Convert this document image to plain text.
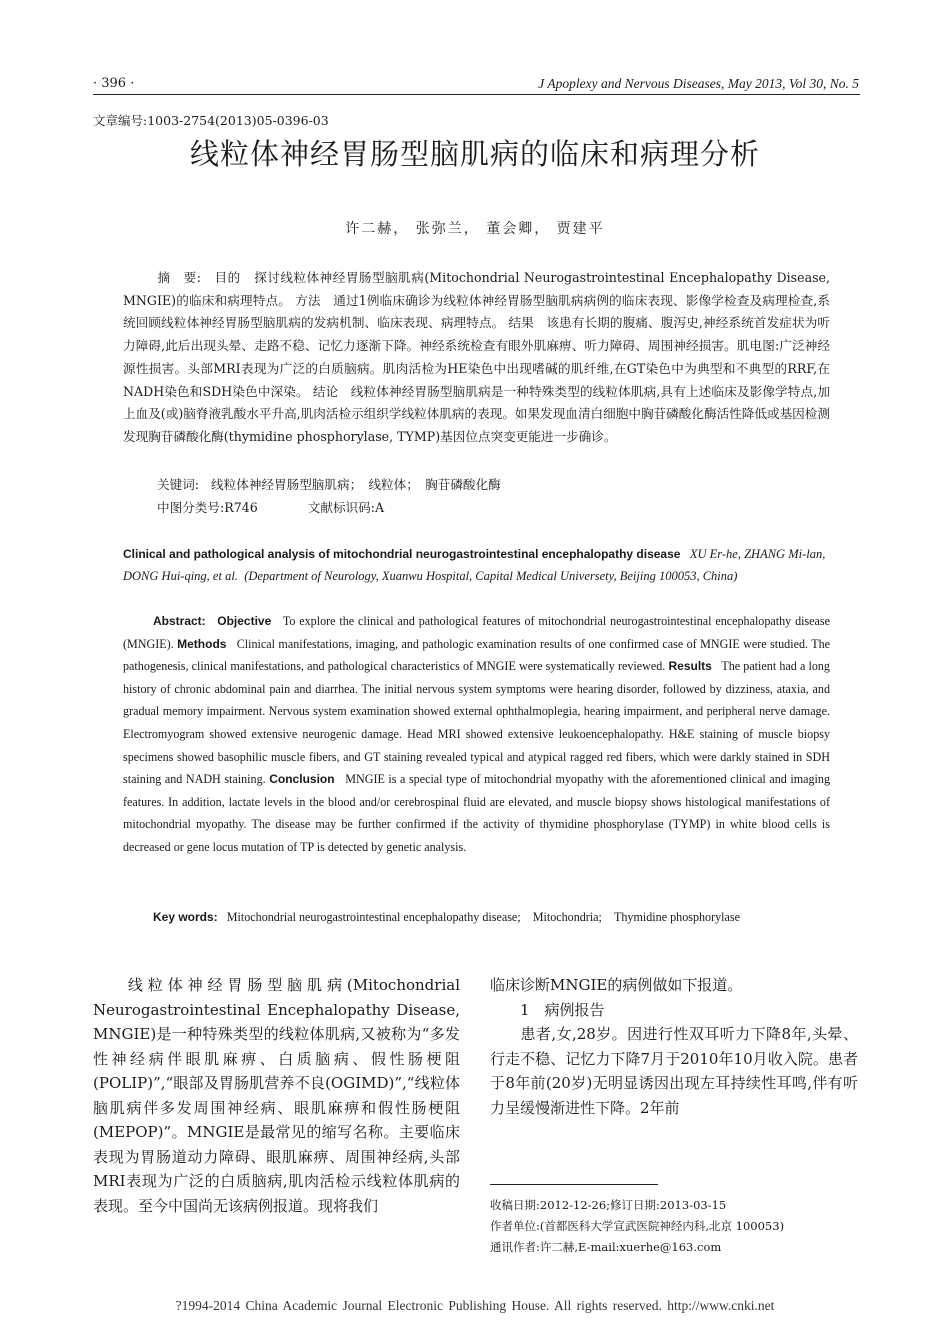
· 396 ·	J Apoplexy and Nervous Diseases, May 2013, Vol 30, No. 5
文章编号:1003-2754(2013)05-0396-03
线粒体神经胃肠型脑肌病的临床和病理分析
许二赫， 张弥兰， 董会卿， 贾建平
摘　要: 目的 探讨线粒体神经胃肠型脑肌病(Mitochondrial Neurogastrointestinal Encephalopathy Disease, MNGIE)的临床和病理特点。 方法 通过1例临床确诊为线粒体神经胃肠型脑肌病病例的临床表现、影像学检查及病理检查,系统回顾线粒体神经胃肠型脑肌病的发病机制、临床表现、病理特点。 结果 该患有长期的腹痛、腹泻史,神经系统首发症状为听力障碍,此后出现头晕、走路不稳、记忆力逐渐下降。神经系统检查有眼外肌麻痹、听力障碍、周围神经损害。肌电图:广泛神经源性损害。头部MRI表现为广泛的白质脑病。肌肉活检为HE染色中出现嗜碱的肌纤维,在GT染色中为典型和不典型的RRF,在NADH染色和SDH染色中深染。 结论 线粒体神经胃肠型脑肌病是一种特殊类型的线粒体肌病,具有上述临床及影像学特点,加上血及(或)脑脊液乳酸水平升高,肌肉活检示组织学线粒体肌病的表现。如果发现血清白细胞中胸苷磷酸化酶活性降低或基因检测发现胸苷磷酸化酶(thymidine phosphorylase, TYMP)基因位点突变更能进一步确诊。
关键词: 线粒体神经胃肠型脑肌病；　线粒体；　胸苷磷酸化酶
中图分类号:R746	文献标识码:A
Clinical and pathological analysis of mitochondrial neurogastrointestinal encephalopathy disease XU Er-he, ZHANG Mi-lan, DONG Hui-qing, et al. (Department of Neurology, Xuanwu Hospital, Capital Medical Universety, Beijing 100053, China)
Abstract: Objective To explore the clinical and pathological features of mitochondrial neurogastrointestinal encephalopathy disease (MNGIE). Methods Clinical manifestations, imaging, and pathologic examination results of one confirmed case of MNGIE were studied. The pathogenesis, clinical manifestations, and pathological characteristics of MNGIE were systematically reviewed. Results The patient had a long history of chronic abdominal pain and diarrhea. The initial nervous system symptoms were hearing disorder, followed by dizziness, ataxia, and gradual memory impairment. Nervous system examination showed external ophthalmoplegia, hearing impairment, and peripheral nerve damage. Electromyogram showed extensive neurogenic damage. Head MRI showed extensive leukoencephalopathy. H&E staining of muscle biopsy specimens showed basophilic muscle fibers, and GT staining revealed typical and atypical ragged red fibers, which were darkly stained in SDH staining and NADH staining. Conclusion MNGIE is a special type of mitochondrial myopathy with the aforementioned clinical and imaging features. In addition, lactate levels in the blood and/or cerebrospinal fluid are elevated, and muscle biopsy shows histological manifestations of mitochondrial myopathy. The disease may be further confirmed if the activity of thymidine phosphorylase (TYMP) in white blood cells is decreased or gene locus mutation of TP is detected by genetic analysis.
Key words: Mitochondrial neurogastrointestinal encephalopathy disease;　Mitochondria;　Thymidine phosphorylase
线粒体神经胃肠型脑肌病(Mitochondrial Neurogastrointestinal Encephalopathy Disease, MNGIE)是一种特殊类型的线粒体肌病,又被称为“多发性神经病伴眼肌麻痹、白质脑病、假性肠梗阻(POLIP)”,“眼部及胃肠肌营养不良(OGIMD)”,“线粒体脑肌病伴多发周围神经病、眼肌麻痹和假性肠梗阻(MEPOP)”。MNGIE是最常见的缩写名称。主要临床表现为胃肠道动力障碍、眼肌麻痹、周围神经病,头部MRI表现为广泛的白质脑病,肌肉活检示线粒体肌病的表现。至今中国尚无该病例报道。现将我们
临床诊断MNGIE的病例做如下报道。
1　病例报告
患者,女,28岁。因进行性双耳听力下降8年,头晕、行走不稳、记忆力下降7月于2010年10月收入院。患者于8年前(20岁)无明显诱因出现左耳持续性耳鸣,伴有听力呈缓慢渐进性下降。2年前
收稿日期:2012-12-26;修订日期:2013-03-15
作者单位:(首都医科大学宣武医院神经内科,北京 100053)
通讯作者:许二赫,E-mail:xuerhe@163.com
?1994-2014 China Academic Journal Electronic Publishing House. All rights reserved. http://www.cnki.net
